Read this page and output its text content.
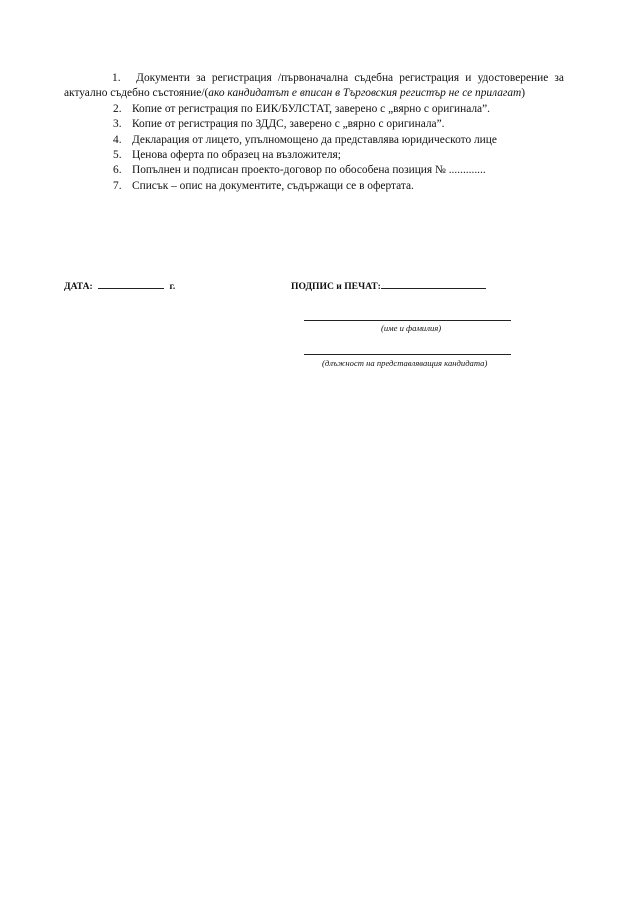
1. Документи за регистрация /първоначална съдебна регистрация и удостоверение за актуално съдебно състояние/(ако кандидатът е вписан в Търговския регистър не се прилагат)
2. Копие от регистрация по ЕИК/БУЛСТАТ, заверено с „вярно с оригинала”.
3. Копие от регистрация по ЗДДС, заверено с „вярно с оригинала”.
4. Декларация от лицето, упълномощено да представлява юридическото лице
5. Ценова оферта по образец на възложителя;
6. Попълнен и подписан проекто-договор по обособена позиция № .............
7. Списък – опис на документите, съдържащи се в офертата.
ДАТА:	г.	ПОДПИС и ПЕЧАТ:
(име и фамилия)
(длъжност на представляващия кандидата)
